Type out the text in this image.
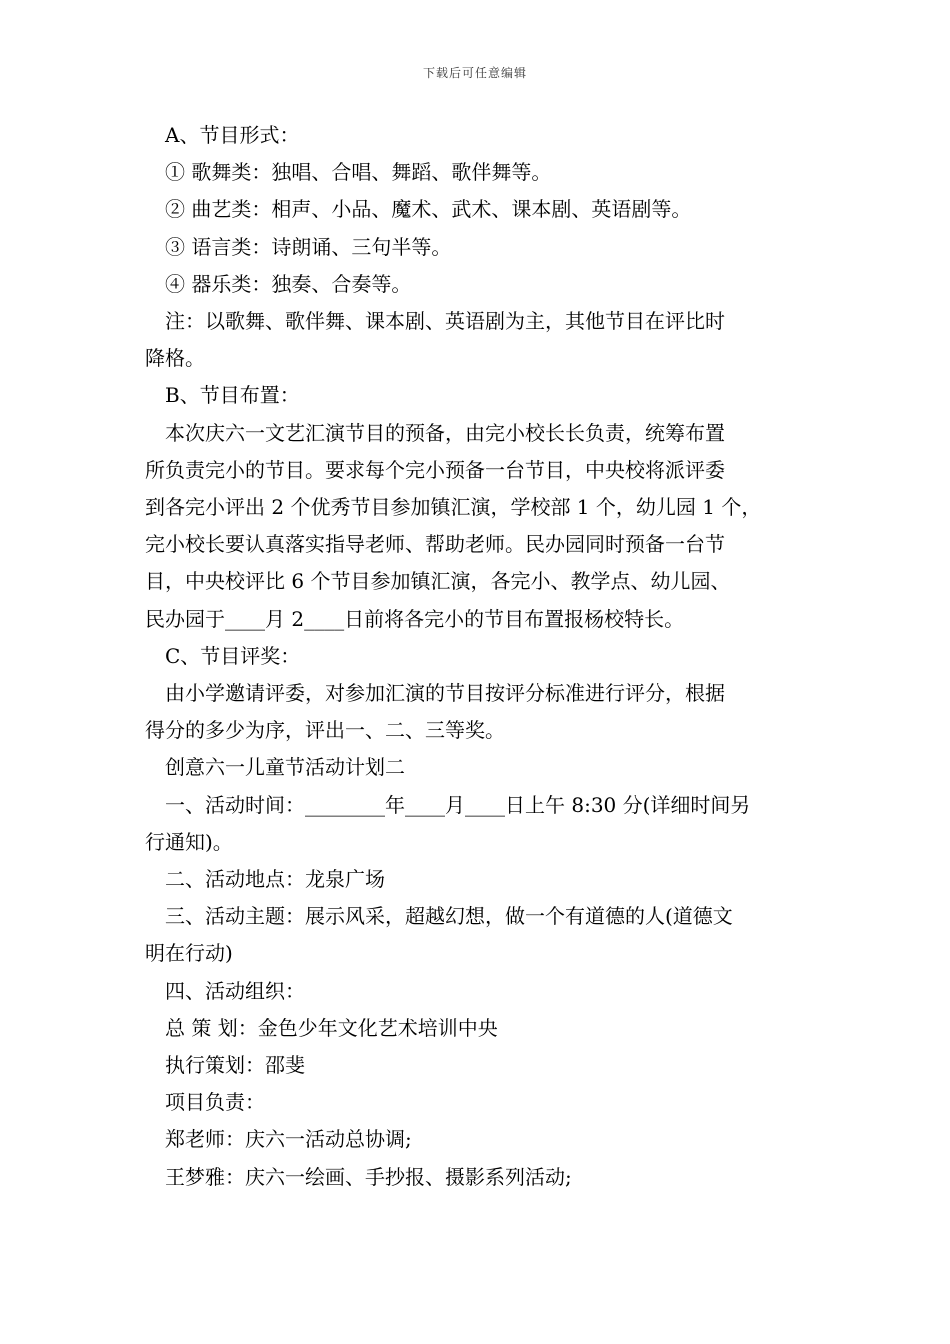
下载后可任意编辑

A、节目形式：

① 歌舞类：独唱、合唱、舞蹈、歌伴舞等。

② 曲艺类：相声、小品、魔术、武术、课本剧、英语剧等。

③ 语言类：诗朗诵、三句半等。

④ 器乐类：独奏、合奏等。

注：以歌舞、歌伴舞、课本剧、英语剧为主，其他节目在评比时

降格。

B、节目布置：

本次庆六一文艺汇演节目的预备，由完小校长长负责，统筹布置

所负责完小的节目。要求每个完小预备一台节目，中央校将派评委

到各完小评出 2 个优秀节目参加镇汇演，学校部 1 个，幼儿园 1 个，

完小校长要认真落实指导老师、帮助老师。民办园同时预备一台节

目，中央校评比 6 个节目参加镇汇演，各完小、教学点、幼儿园、

民办园于____月 2____日前将各完小的节目布置报杨校特长。

C、节目评奖：

由小学邀请评委，对参加汇演的节目按评分标准进行评分，根据

得分的多少为序，评出一、二、三等奖。

创意六一儿童节活动计划二

一、活动时间：________年____月____日上午 8:30 分(详细时间另

行通知)。

二、活动地点：龙泉广场

三、活动主题：展示风采，超越幻想，做一个有道德的人(道德文

明在行动)

四、活动组织：

总 策 划：金色少年文化艺术培训中央

执行策划：邵斐

项目负责：

郑老师：庆六一活动总协调;

王梦雅：庆六一绘画、手抄报、摄影系列活动;
